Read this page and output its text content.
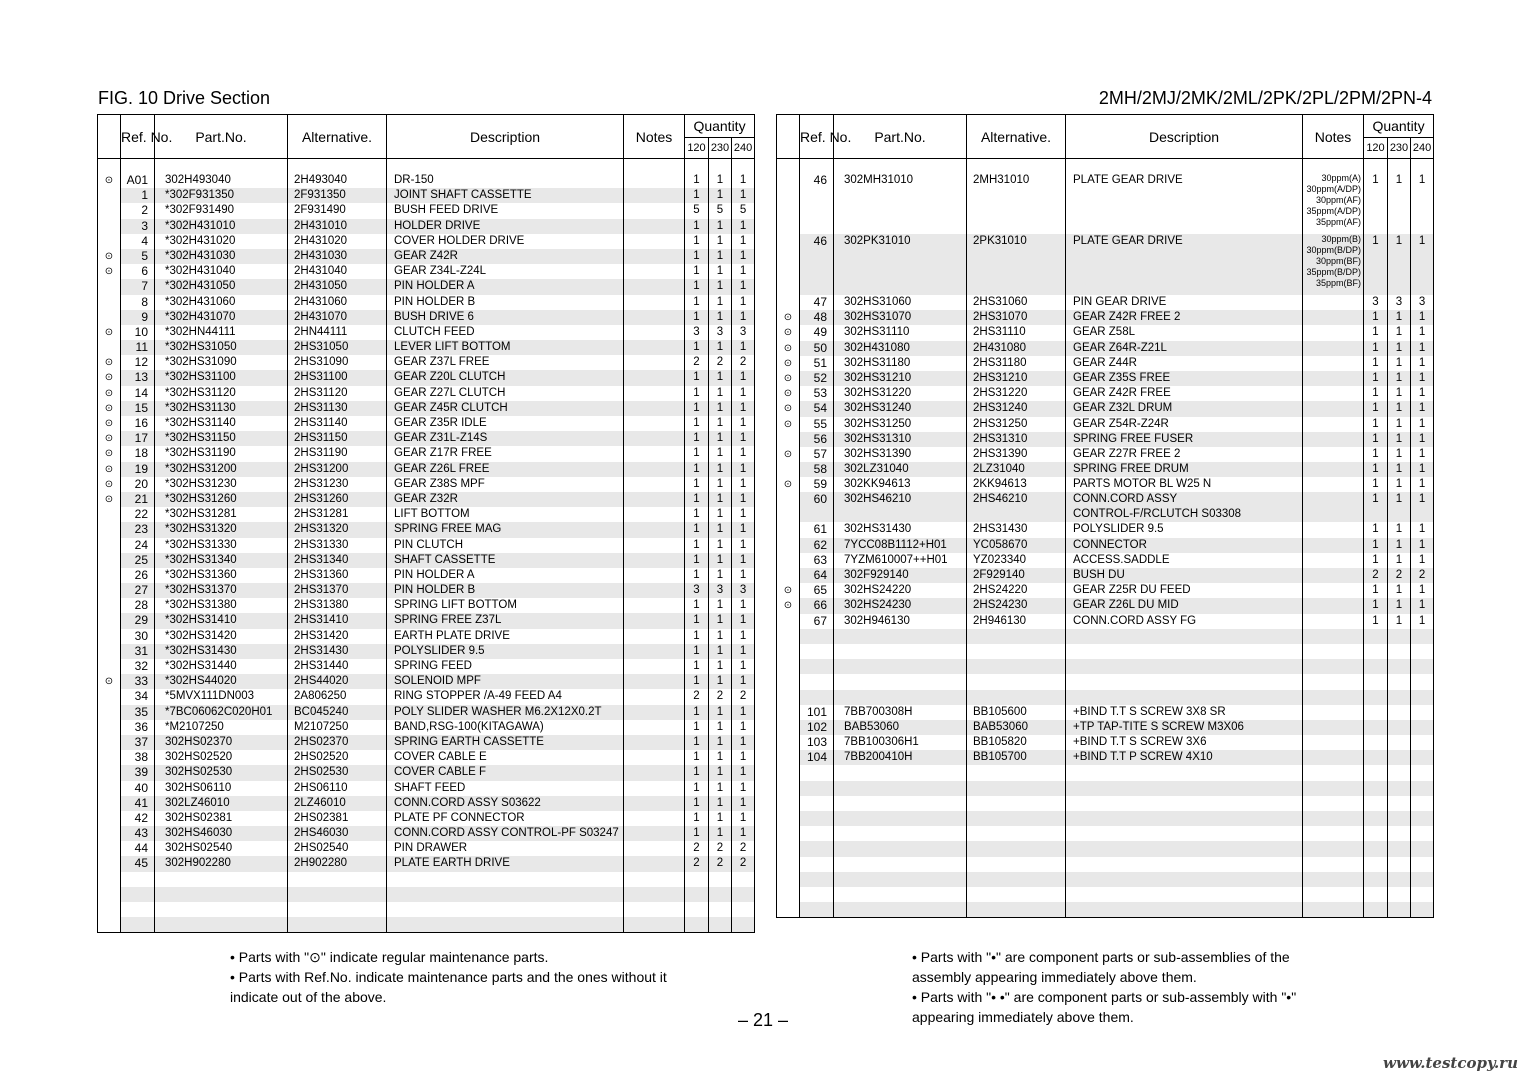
FIG. 10 Drive Section	2MH/2MJ/2MK/2ML/2PK/2PL/2PM/2PN-4
	Ref. No.	Part.No.	Alternative.	Description	Notes	Quantity		
						120	230	240

⊙	A01	302H493040	2H493040	DR-150		1	1	1
	1	*302F931350	2F931350	JOINT SHAFT CASSETTE		1	1	1
	2	*302F931490	2F931490	BUSH FEED DRIVE		5	5	5
	3	*302H431010	2H431010	HOLDER DRIVE		1	1	1
	4	*302H431020	2H431020	COVER HOLDER DRIVE		1	1	1
⊙	5	*302H431030	2H431030	GEAR Z42R		1	1	1
⊙	6	*302H431040	2H431040	GEAR Z34L-Z24L		1	1	1
	7	*302H431050	2H431050	PIN HOLDER A		1	1	1
	8	*302H431060	2H431060	PIN HOLDER B		1	1	1
	9	*302H431070	2H431070	BUSH DRIVE 6		1	1	1
⊙	10	*302HN44111	2HN44111	CLUTCH FEED		3	3	3
	11	*302HS31050	2HS31050	LEVER LIFT BOTTOM		1	1	1
⊙	12	*302HS31090	2HS31090	GEAR Z37L FREE		2	2	2
⊙	13	*302HS31100	2HS31100	GEAR Z20L CLUTCH		1	1	1
⊙	14	*302HS31120	2HS31120	GEAR Z27L CLUTCH		1	1	1
⊙	15	*302HS31130	2HS31130	GEAR Z45R CLUTCH		1	1	1
⊙	16	*302HS31140	2HS31140	GEAR Z35R IDLE		1	1	1
⊙	17	*302HS31150	2HS31150	GEAR Z31L-Z14S		1	1	1
⊙	18	*302HS31190	2HS31190	GEAR Z17R FREE		1	1	1
⊙	19	*302HS31200	2HS31200	GEAR Z26L FREE		1	1	1
⊙	20	*302HS31230	2HS31230	GEAR Z38S MPF		1	1	1
⊙	21	*302HS31260	2HS31260	GEAR Z32R		1	1	1
	22	*302HS31281	2HS31281	LIFT BOTTOM		1	1	1
	23	*302HS31320	2HS31320	SPRING FREE MAG		1	1	1
	24	*302HS31330	2HS31330	PIN CLUTCH		1	1	1
	25	*302HS31340	2HS31340	SHAFT CASSETTE		1	1	1
	26	*302HS31360	2HS31360	PIN HOLDER A		1	1	1
	27	*302HS31370	2HS31370	PIN HOLDER B		3	3	3
	28	*302HS31380	2HS31380	SPRING LIFT BOTTOM		1	1	1
	29	*302HS31410	2HS31410	SPRING FREE Z37L		1	1	1
	30	*302HS31420	2HS31420	EARTH PLATE DRIVE		1	1	1
	31	*302HS31430	2HS31430	POLYSLIDER 9.5		1	1	1
	32	*302HS31440	2HS31440	SPRING FEED		1	1	1
⊙	33	*302HS44020	2HS44020	SOLENOID MPF		1	1	1
	34	*5MVX111DN003	2A806250	RING STOPPER /A-49 FEED A4		2	2	2
	35	*7BC06062C020H01	BC045240	POLY SLIDER WASHER M6.2X12X0.2T		1	1	1
	36	*M2107250	M2107250	BAND,RSG-100(KITAGAWA)		1	1	1
	37	302HS02370	2HS02370	SPRING EARTH CASSETTE		1	1	1
	38	302HS02520	2HS02520	COVER CABLE E		1	1	1
	39	302HS02530	2HS02530	COVER CABLE F		1	1	1
	40	302HS06110	2HS06110	SHAFT FEED		1	1	1
	41	302LZ46010	2LZ46010	CONN.CORD ASSY S03622		1	1	1
	42	302HS02381	2HS02381	PLATE PF CONNECTOR		1	1	1
	43	302HS46030	2HS46030	CONN.CORD ASSY CONTROL-PF S03247		1	1	1
	44	302HS02540	2HS02540	PIN DRAWER		2	2	2
	45	302H902280	2H902280	PLATE EARTH DRIVE		2	2	2

	Ref. No.	Part.No.	Alternative.	Description	Notes	Quantity		
						120	230	240

	46	302MH31010	2MH31010	PLATE GEAR DRIVE	30ppm(A)
30ppm(A/DP)
30ppm(AF)
35ppm(A/DP)
35ppm(AF)	1	1	1

	46	302PK31010	2PK31010	PLATE GEAR DRIVE	30ppm(B)
30ppm(B/DP)
30ppm(BF)
35ppm(B/DP)
35ppm(BF)	1	1	1

	47	302HS31060	2HS31060	PIN GEAR DRIVE		3	3	3
⊙	48	302HS31070	2HS31070	GEAR Z42R FREE 2		1	1	1
⊙	49	302HS31110	2HS31110	GEAR Z58L		1	1	1
⊙	50	302H431080	2H431080	GEAR Z64R-Z21L		1	1	1
⊙	51	302HS31180	2HS31180	GEAR Z44R		1	1	1
⊙	52	302HS31210	2HS31210	GEAR Z35S FREE		1	1	1
⊙	53	302HS31220	2HS31220	GEAR Z42R FREE		1	1	1
⊙	54	302HS31240	2HS31240	GEAR Z32L DRUM		1	1	1
⊙	55	302HS31250	2HS31250	GEAR Z54R-Z24R		1	1	1
	56	302HS31310	2HS31310	SPRING FREE FUSER		1	1	1
⊙	57	302HS31390	2HS31390	GEAR Z27R FREE 2		1	1	1
	58	302LZ31040	2LZ31040	SPRING FREE DRUM		1	1	1
⊙	59	302KK94613	2KK94613	PARTS MOTOR BL W25 N		1	1	1
	60	302HS46210	2HS46210	CONN.CORD ASSY
CONTROL-F/RCLUTCH S03308		1	1	1
	61	302HS31430	2HS31430	POLYSLIDER 9.5		1	1	1
	62	7YCC08B1112+H01	YC058670	CONNECTOR		1	1	1
	63	7YZM610007++H01	YZ023340	ACCESS.SADDLE		1	1	1
	64	302F929140	2F929140	BUSH DU		2	2	2
⊙	65	302HS24220	2HS24220	GEAR Z25R DU FEED		1	1	1
⊙	66	302HS24230	2HS24230	GEAR Z26L DU MID		1	1	1
	67	302H946130	2H946130	CONN.CORD ASSY FG		1	1	1

	101	7BB700308H	BB105600	+BIND T.T S SCREW 3X8 SR				
	102	BAB53060	BAB53060	+TP TAP-TITE S SCREW M3X06				
	103	7BB100306H1	BB105820	+BIND T.T S SCREW 3X6				
	104	7BB200410H	BB105700	+BIND T.T P SCREW 4X10				

• Parts with "⊙" indicate regular maintenance parts.
• Parts with Ref.No. indicate maintenance parts and the ones without it
indicate out of the above.
• Parts with "•" are component parts or sub-assemblies of the
assembly appearing immediately above them.
• Parts with "• •" are component parts or sub-assembly with "•"
appearing immediately above them.
– 21 –
www.testcopy.ru
